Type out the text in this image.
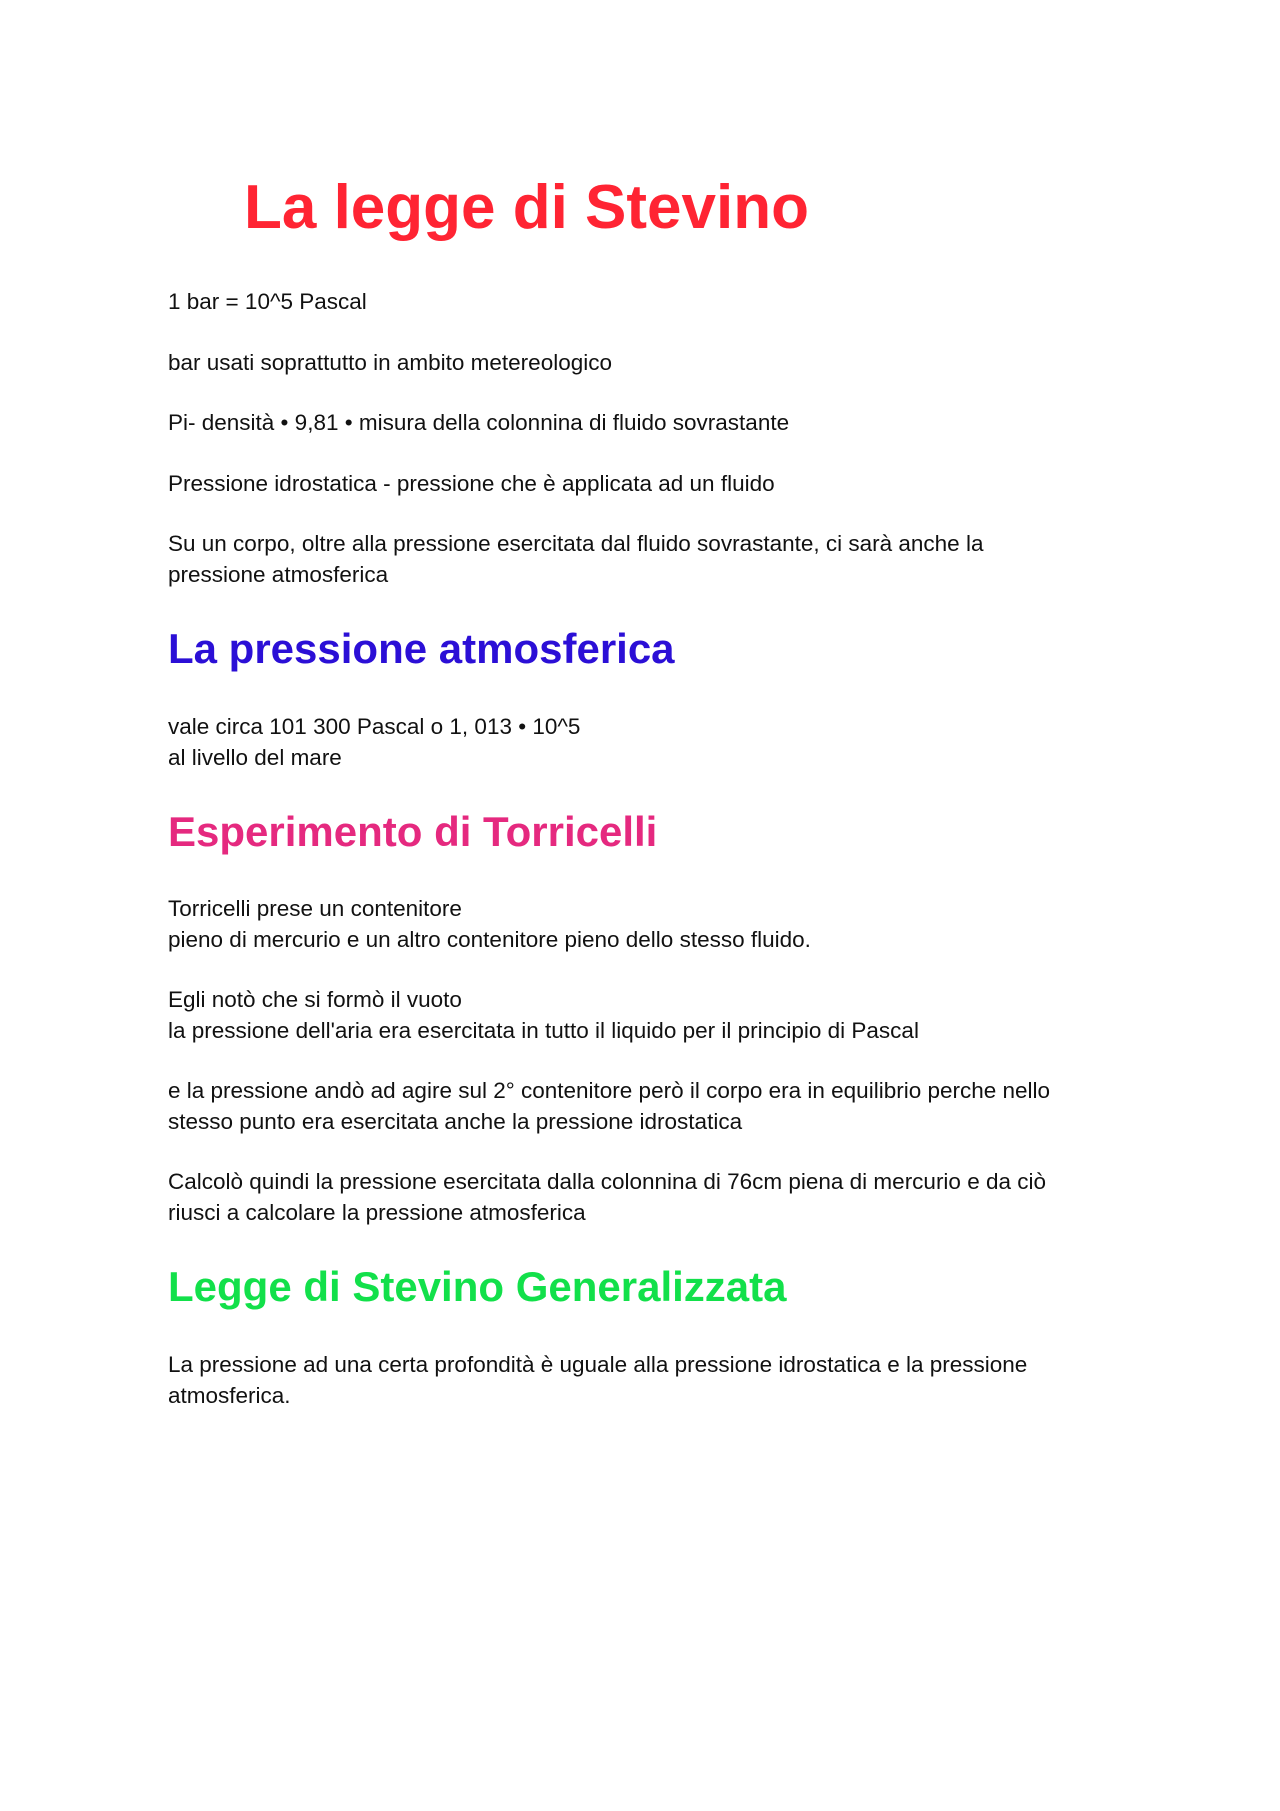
La legge di Stevino

1 bar = 10^5 Pascal

bar usati soprattutto in ambito metereologico

Pi- densità • 9,81 • misura della colonnina di fluido sovrastante

Pressione idrostatica - pressione che è applicata ad un fluido

Su un corpo, oltre alla pressione esercitata dal fluido sovrastante, ci sarà anche la
pressione atmosferica

La pressione atmosferica

vale circa 101 300 Pascal o 1, 013 • 10^5
al livello del mare

Esperimento di Torricelli

Torricelli prese un contenitore
pieno di mercurio e un altro contenitore pieno dello stesso fluido.

Egli notò che si formò il vuoto
la pressione dell'aria era esercitata in tutto il liquido per il principio di Pascal

e la pressione andò ad agire sul 2° contenitore però il corpo era in equilibrio perche nello
stesso punto era esercitata anche la pressione idrostatica

Calcolò quindi la pressione esercitata dalla colonnina di 76cm piena di mercurio e da ciò
riusci a calcolare la pressione atmosferica

Legge di Stevino Generalizzata

La pressione ad una certa profondità è uguale alla pressione idrostatica e la pressione
atmosferica.
